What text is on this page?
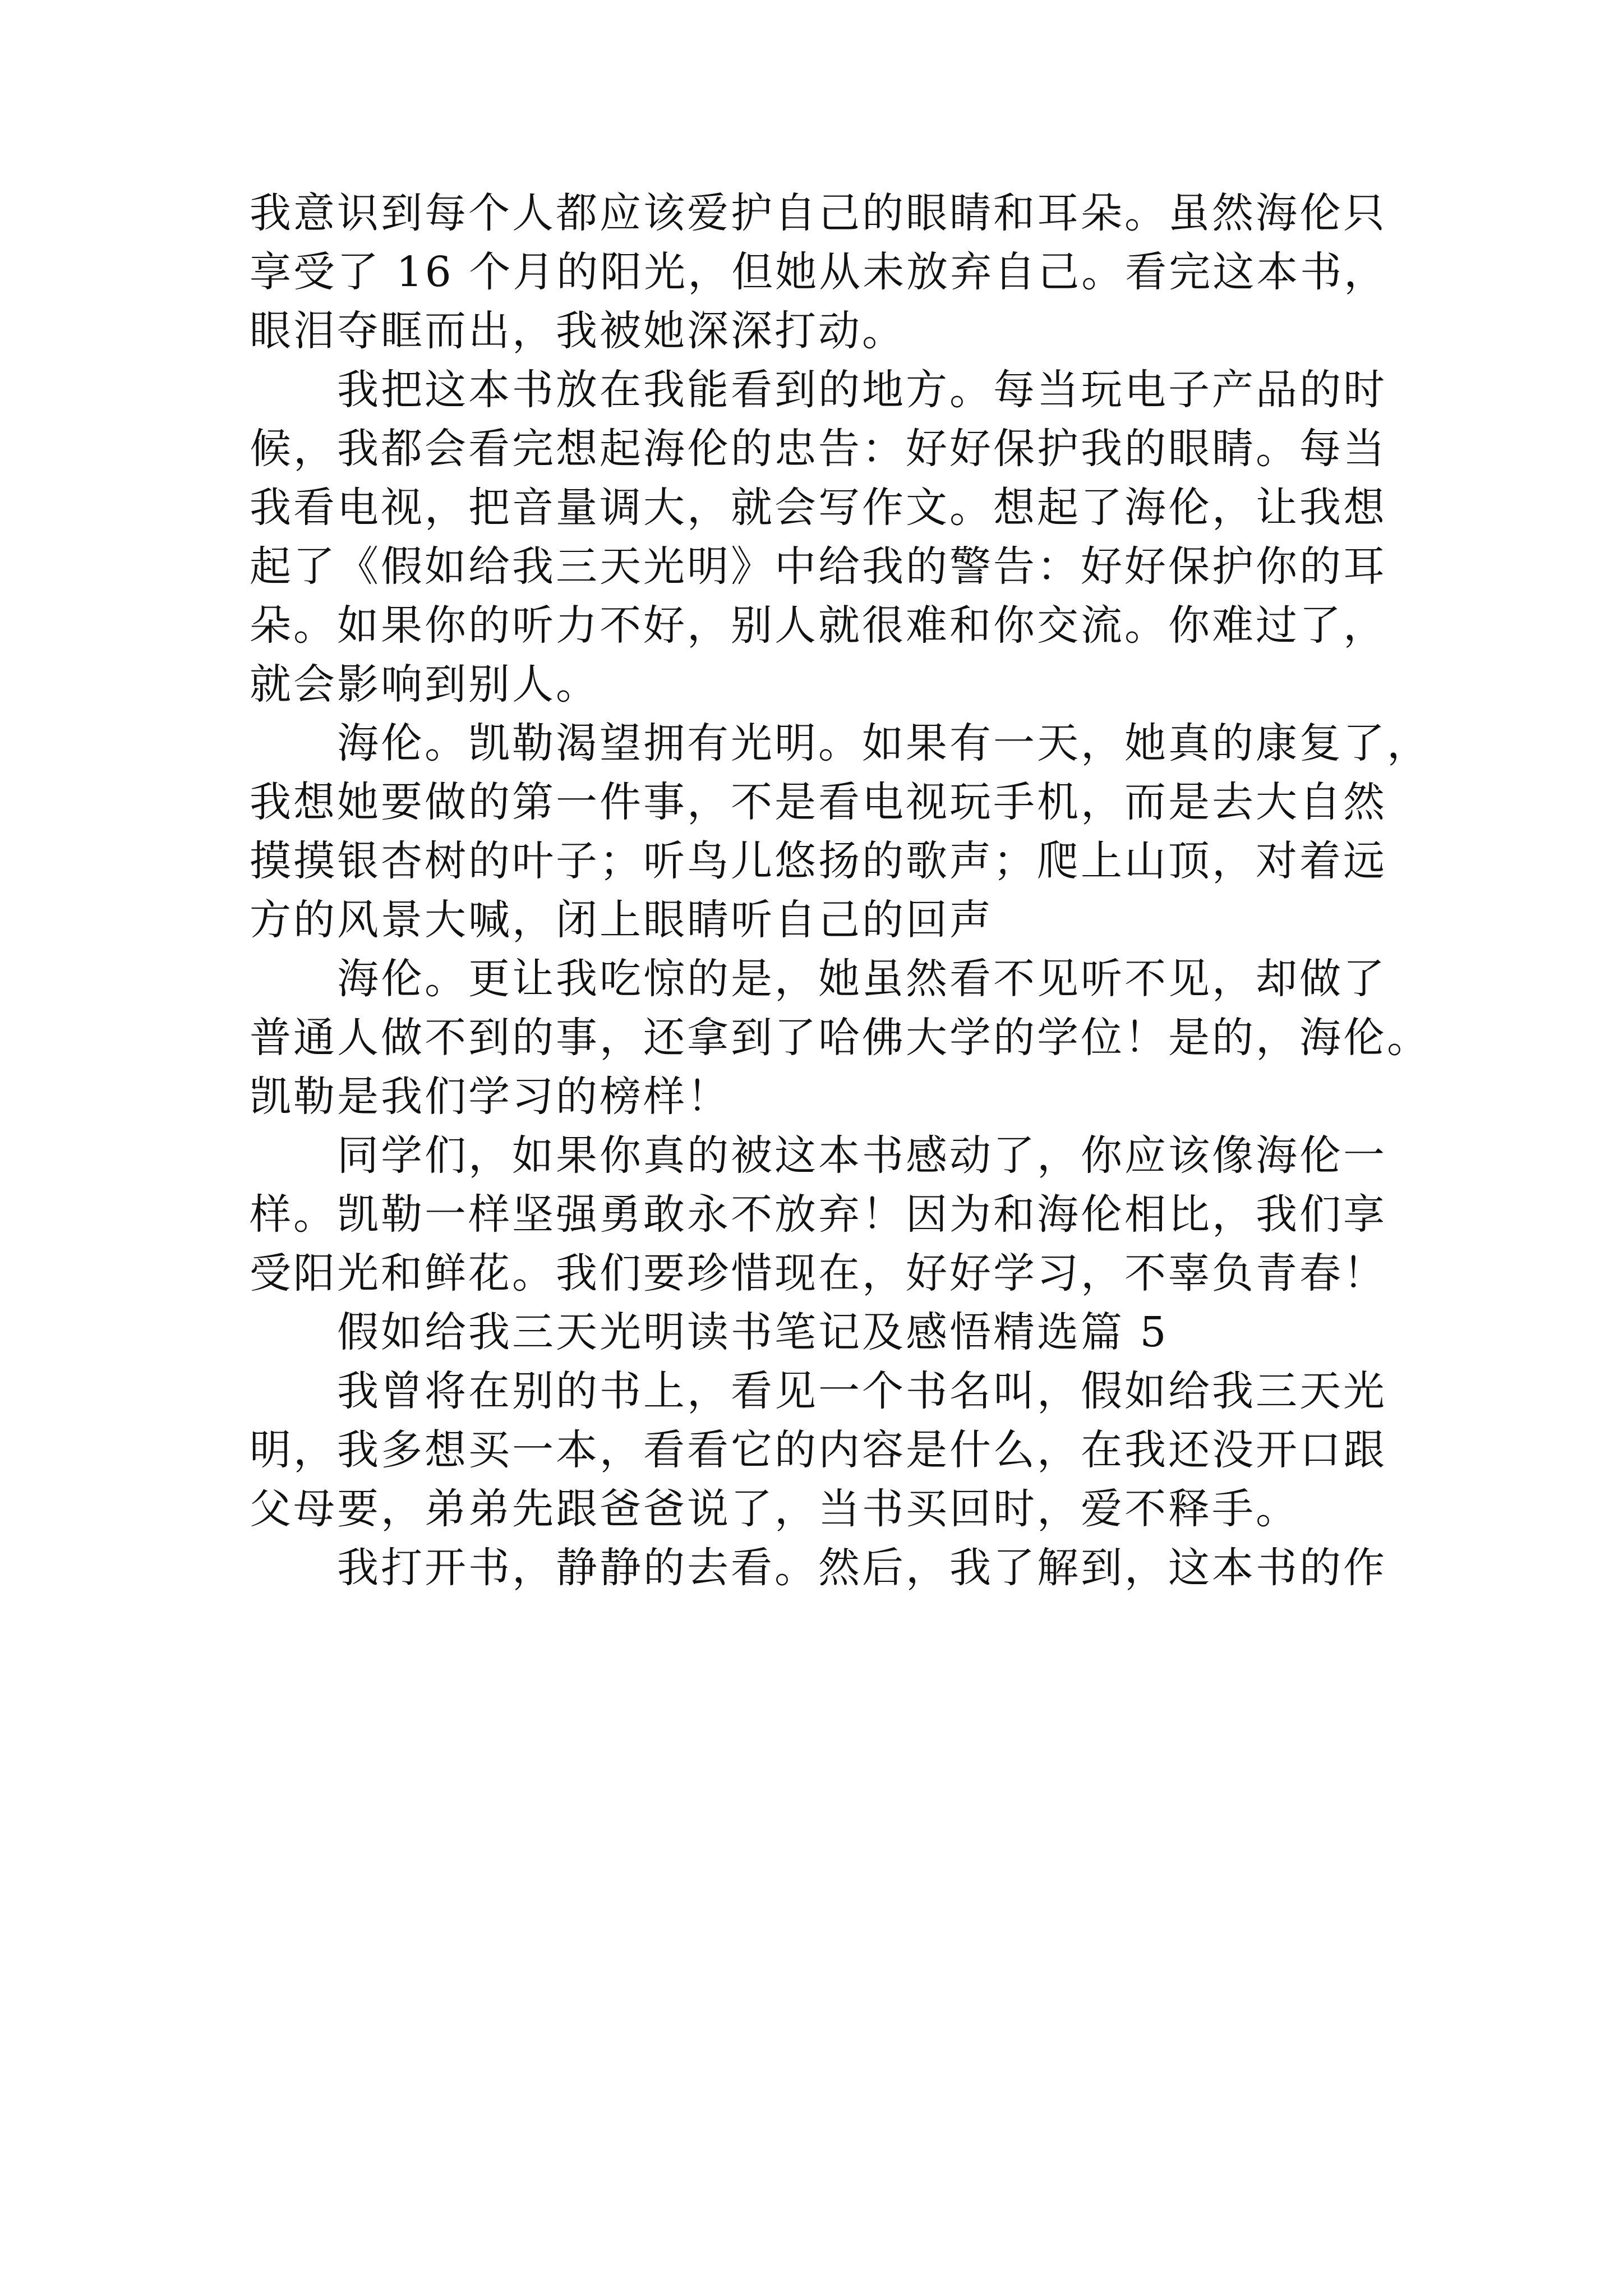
我意识到每个人都应该爱护自己的眼睛和耳朵。虽然海伦只
享受了 16 个月的阳光，但她从未放弃自己。看完这本书，
眼泪夺眶而出，我被她深深打动。
我把这本书放在我能看到的地方。每当玩电子产品的时
候，我都会看完想起海伦的忠告：好好保护我的眼睛。每当
我看电视，把音量调大，就会写作文。想起了海伦，让我想
起了《假如给我三天光明》中给我的警告：好好保护你的耳
朵。如果你的听力不好，别人就很难和你交流。你难过了，
就会影响到别人。
海伦。凯勒渴望拥有光明。如果有一天，她真的康复了，
我想她要做的第一件事，不是看电视玩手机，而是去大自然
摸摸银杏树的叶子；听鸟儿悠扬的歌声；爬上山顶，对着远
方的风景大喊，闭上眼睛听自己的回声
海伦。更让我吃惊的是，她虽然看不见听不见，却做了
普通人做不到的事，还拿到了哈佛大学的学位！是的，海伦。
凯勒是我们学习的榜样！
同学们，如果你真的被这本书感动了，你应该像海伦一
样。凯勒一样坚强勇敢永不放弃！因为和海伦相比，我们享
受阳光和鲜花。我们要珍惜现在，好好学习，不辜负青春！
假如给我三天光明读书笔记及感悟精选篇 5
我曾将在别的书上，看见一个书名叫，假如给我三天光
明，我多想买一本，看看它的内容是什么，在我还没开口跟
父母要，弟弟先跟爸爸说了，当书买回时，爱不释手。
我打开书，静静的去看。然后，我了解到，这本书的作
